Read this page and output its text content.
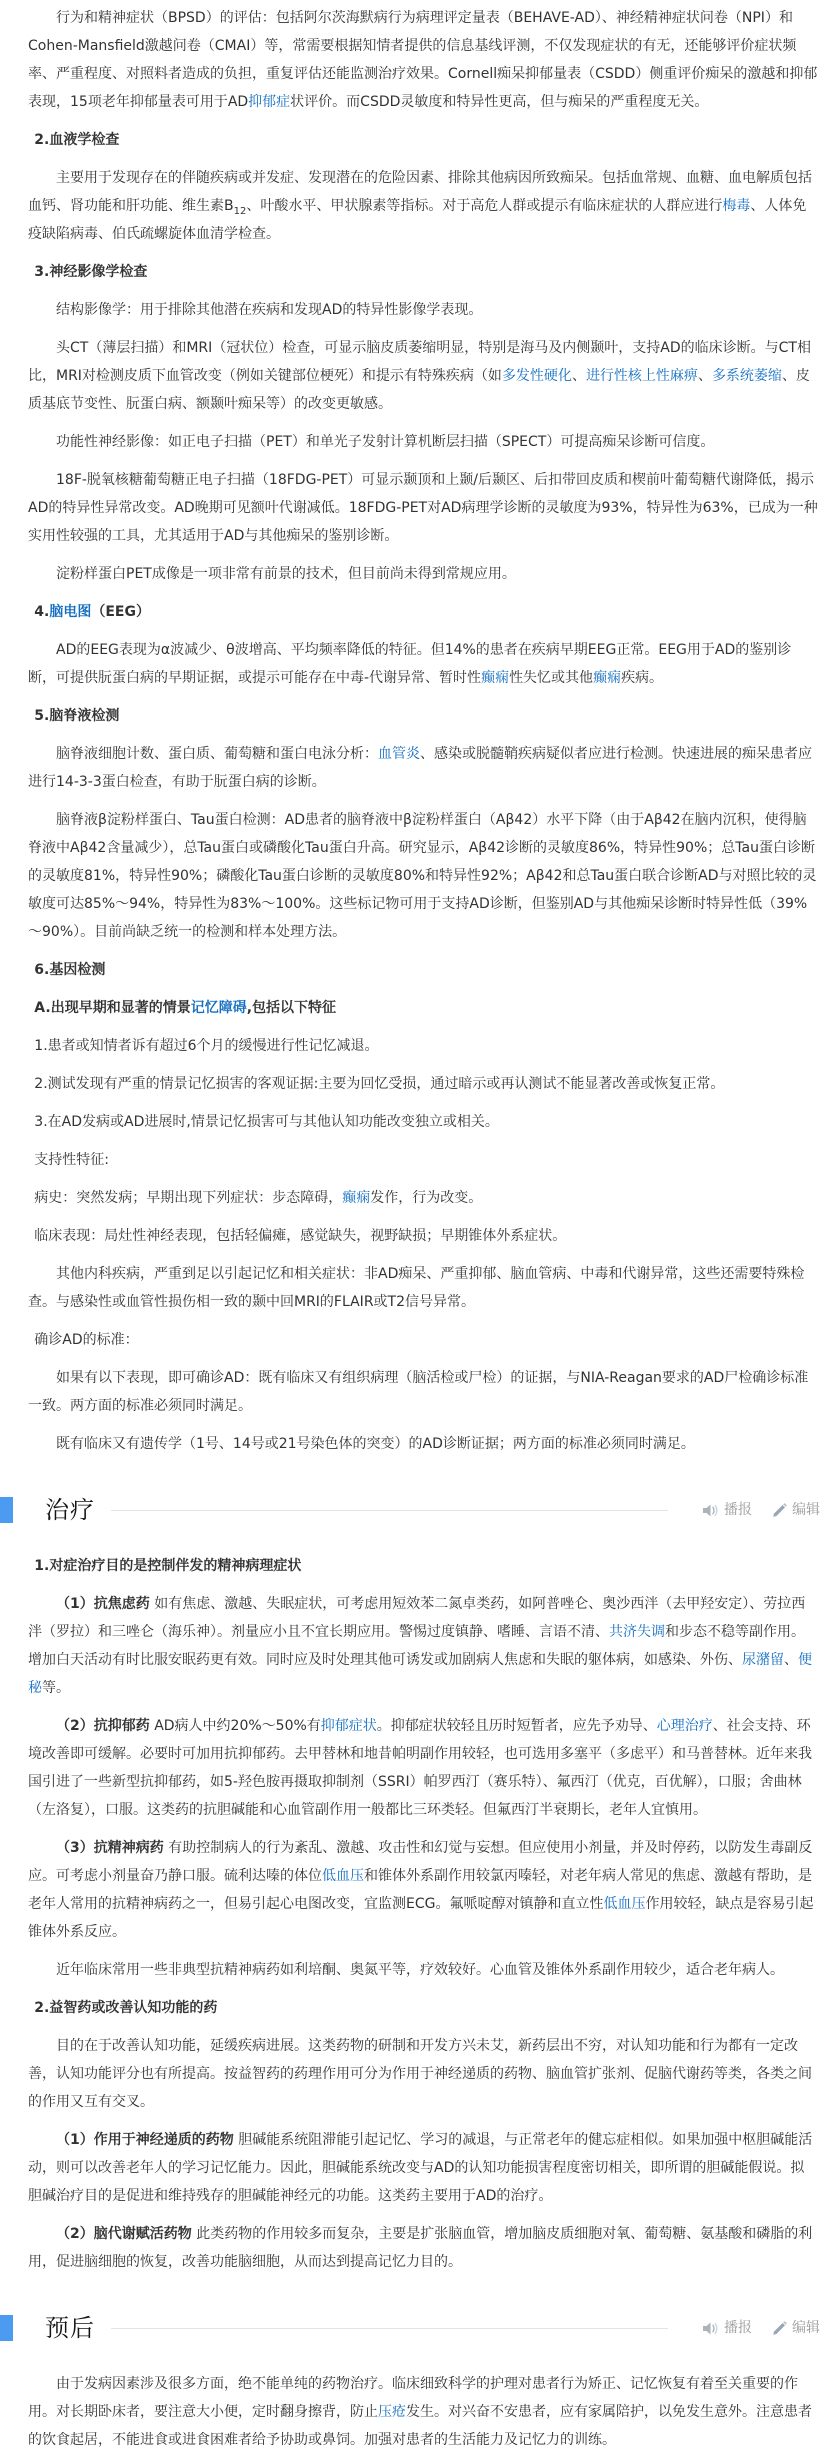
行为和精神症状（BPSD）的评估：包括阿尔茨海默病行为病理评定量表（BEHAVE-AD）、神经精神症状问卷（NPI）和Cohen-Mansfield激越问卷（CMAI）等，常需要根据知情者提供的信息基线评测，不仅发现症状的有无，还能够评价症状频率、严重程度、对照料者造成的负担，重复评估还能监测治疗效果。Cornell痴呆抑郁量表（CSDD）侧重评价痴呆的激越和抑郁表现，15项老年抑郁量表可用于AD抑郁症状评价。而CSDD灵敏度和特异性更高，但与痴呆的严重程度无关。

2.血液学检查

主要用于发现存在的伴随疾病或并发症、发现潜在的危险因素、排除其他病因所致痴呆。包括血常规、血糖、血电解质包括血钙、肾功能和肝功能、维生素$B_{12}$、叶酸水平、甲状腺素等指标。对于高危人群或提示有临床症状的人群应进行梅毒、人体免疫缺陷病毒、伯氏疏螺旋体血清学检查。

3.神经影像学检查

结构影像学：用于排除其他潜在疾病和发现AD的特异性影像学表现。

头CT（薄层扫描）和MRI（冠状位）检查，可显示脑皮质萎缩明显，特别是海马及内侧颞叶，支持AD的临床诊断。与CT相比，MRI对检测皮质下血管改变（例如关键部位梗死）和提示有特殊疾病（如多发性硬化、进行性核上性麻痹、多系统萎缩、皮质基底节变性、朊蛋白病、额颞叶痴呆等）的改变更敏感。

功能性神经影像：如正电子扫描（PET）和单光子发射计算机断层扫描（SPECT）可提高痴呆诊断可信度。

18F-脱氧核糖葡萄糖正电子扫描（18FDG-PET）可显示颞顶和上颞/后颞区、后扣带回皮质和楔前叶葡萄糖代谢降低，揭示AD的特异性异常改变。AD晚期可见额叶代谢减低。18FDG-PET对AD病理学诊断的灵敏度为93%，特异性为63%，已成为一种实用性较强的工具，尤其适用于AD与其他痴呆的鉴别诊断。

淀粉样蛋白PET成像是一项非常有前景的技术，但目前尚未得到常规应用。

4.脑电图（EEG）

AD的EEG表现为α波减少、θ波增高、平均频率降低的特征。但14%的患者在疾病早期EEG正常。EEG用于AD的鉴别诊断，可提供朊蛋白病的早期证据，或提示可能存在中毒-代谢异常、暂时性癫痫性失忆或其他癫痫疾病。

5.脑脊液检测

脑脊液细胞计数、蛋白质、葡萄糖和蛋白电泳分析：血管炎、感染或脱髓鞘疾病疑似者应进行检测。快速进展的痴呆患者应进行14-3-3蛋白检查，有助于朊蛋白病的诊断。

脑脊液β淀粉样蛋白、Tau蛋白检测：AD患者的脑脊液中β淀粉样蛋白（Aβ42）水平下降（由于Aβ42在脑内沉积，使得脑脊液中Aβ42含量减少），总Tau蛋白或磷酸化Tau蛋白升高。研究显示，Aβ42诊断的灵敏度86%，特异性90%；总Tau蛋白诊断的灵敏度81%，特异性90%；磷酸化Tau蛋白诊断的灵敏度80%和特异性92%；Aβ42和总Tau蛋白联合诊断AD与对照比较的灵敏度可达85%～94%，特异性为83%～100%。这些标记物可用于支持AD诊断，但鉴别AD与其他痴呆诊断时特异性低（39%～90%）。目前尚缺乏统一的检测和样本处理方法。

6.基因检测
A.出现早期和显著的情景记忆障碍,包括以下特征

1.患者或知情者诉有超过6个月的缓慢进行性记忆减退。

2.测试发现有严重的情景记忆损害的客观证据:主要为回忆受损，通过暗示或再认测试不能显著改善或恢复正常。

3.在AD发病或AD进展时,情景记忆损害可与其他认知功能改变独立或相关。

支持性特征:

病史：突然发病；早期出现下列症状：步态障碍，癫痫发作，行为改变。

临床表现：局灶性神经表现，包括轻偏瘫，感觉缺失，视野缺损；早期锥体外系症状。

其他内科疾病，严重到足以引起记忆和相关症状：非AD痴呆、严重抑郁、脑血管病、中毒和代谢异常，这些还需要特殊检查。与感染性或血管性损伤相一致的颞中回MRI的FLAIR或T2信号异常。

确诊AD的标准：

如果有以下表现，即可确诊AD：既有临床又有组织病理（脑活检或尸检）的证据，与NIA-Reagan要求的AD尸检确诊标准一致。两方面的标准必须同时满足。

既有临床又有遗传学（1号、14号或21号染色体的突变）的AD诊断证据；两方面的标准必须同时满足。

治疗	播报	编辑
1.对症治疗目的是控制伴发的精神病理症状

（1）抗焦虑药 如有焦虑、激越、失眠症状，可考虑用短效苯二氮卓类药，如阿普唑仑、奥沙西泮（去甲羟安定）、劳拉西泮（罗拉）和三唑仑（海乐神）。剂量应小且不宜长期应用。警惕过度镇静、嗜睡、言语不清、共济失调和步态不稳等副作用。增加白天活动有时比服安眠药更有效。同时应及时处理其他可诱发或加剧病人焦虑和失眠的躯体病，如感染、外伤、尿潴留、便秘等。

（2）抗抑郁药 AD病人中约20%～50%有抑郁症状。抑郁症状较轻且历时短暂者，应先予劝导、心理治疗、社会支持、环境改善即可缓解。必要时可加用抗抑郁药。去甲替林和地昔帕明副作用较轻，也可选用多塞平（多虑平）和马普替林。近年来我国引进了一些新型抗抑郁药，如5-羟色胺再摄取抑制剂（SSRI）帕罗西汀（赛乐特）、氟西汀（优克，百优解），口服；舍曲林（左洛复），口服。这类药的抗胆碱能和心血管副作用一般都比三环类轻。但氟西汀半衰期长，老年人宜慎用。

（3）抗精神病药 有助控制病人的行为紊乱、激越、攻击性和幻觉与妄想。但应使用小剂量，并及时停药，以防发生毒副反应。可考虑小剂量奋乃静口服。硫利达嗪的体位低血压和锥体外系副作用较氯丙嗪轻，对老年病人常见的焦虑、激越有帮助，是老年人常用的抗精神病药之一，但易引起心电图改变，宜监测ECG。氟哌啶醇对镇静和直立性低血压作用较轻，缺点是容易引起锥体外系反应。

近年临床常用一些非典型抗精神病药如利培酮、奥氮平等，疗效较好。心血管及锥体外系副作用较少，适合老年病人。

2.益智药或改善认知功能的药

目的在于改善认知功能，延缓疾病进展。这类药物的研制和开发方兴未艾，新药层出不穷，对认知功能和行为都有一定改善，认知功能评分也有所提高。按益智药的药理作用可分为作用于神经递质的药物、脑血管扩张剂、促脑代谢药等类，各类之间的作用又互有交叉。

（1）作用于神经递质的药物 胆碱能系统阻滞能引起记忆、学习的减退，与正常老年的健忘症相似。如果加强中枢胆碱能活动，则可以改善老年人的学习记忆能力。因此，胆碱能系统改变与AD的认知功能损害程度密切相关，即所谓的胆碱能假说。拟胆碱治疗目的是促进和维持残存的胆碱能神经元的功能。这类药主要用于AD的治疗。

（2）脑代谢赋活药物 此类药物的作用较多而复杂，主要是扩张脑血管，增加脑皮质细胞对氧、葡萄糖、氨基酸和磷脂的利用，促进脑细胞的恢复，改善功能脑细胞，从而达到提高记忆力目的。

预后	播报	编辑

由于发病因素涉及很多方面，绝不能单纯的药物治疗。临床细致科学的护理对患者行为矫正、记忆恢复有着至关重要的作用。对长期卧床者，要注意大小便，定时翻身擦背，防止压疮发生。对兴奋不安患者，应有家属陪护，以免发生意外。注意患者的饮食起居，不能进食或进食困难者给予协助或鼻饲。加强对患者的生活能力及记忆力的训练。
